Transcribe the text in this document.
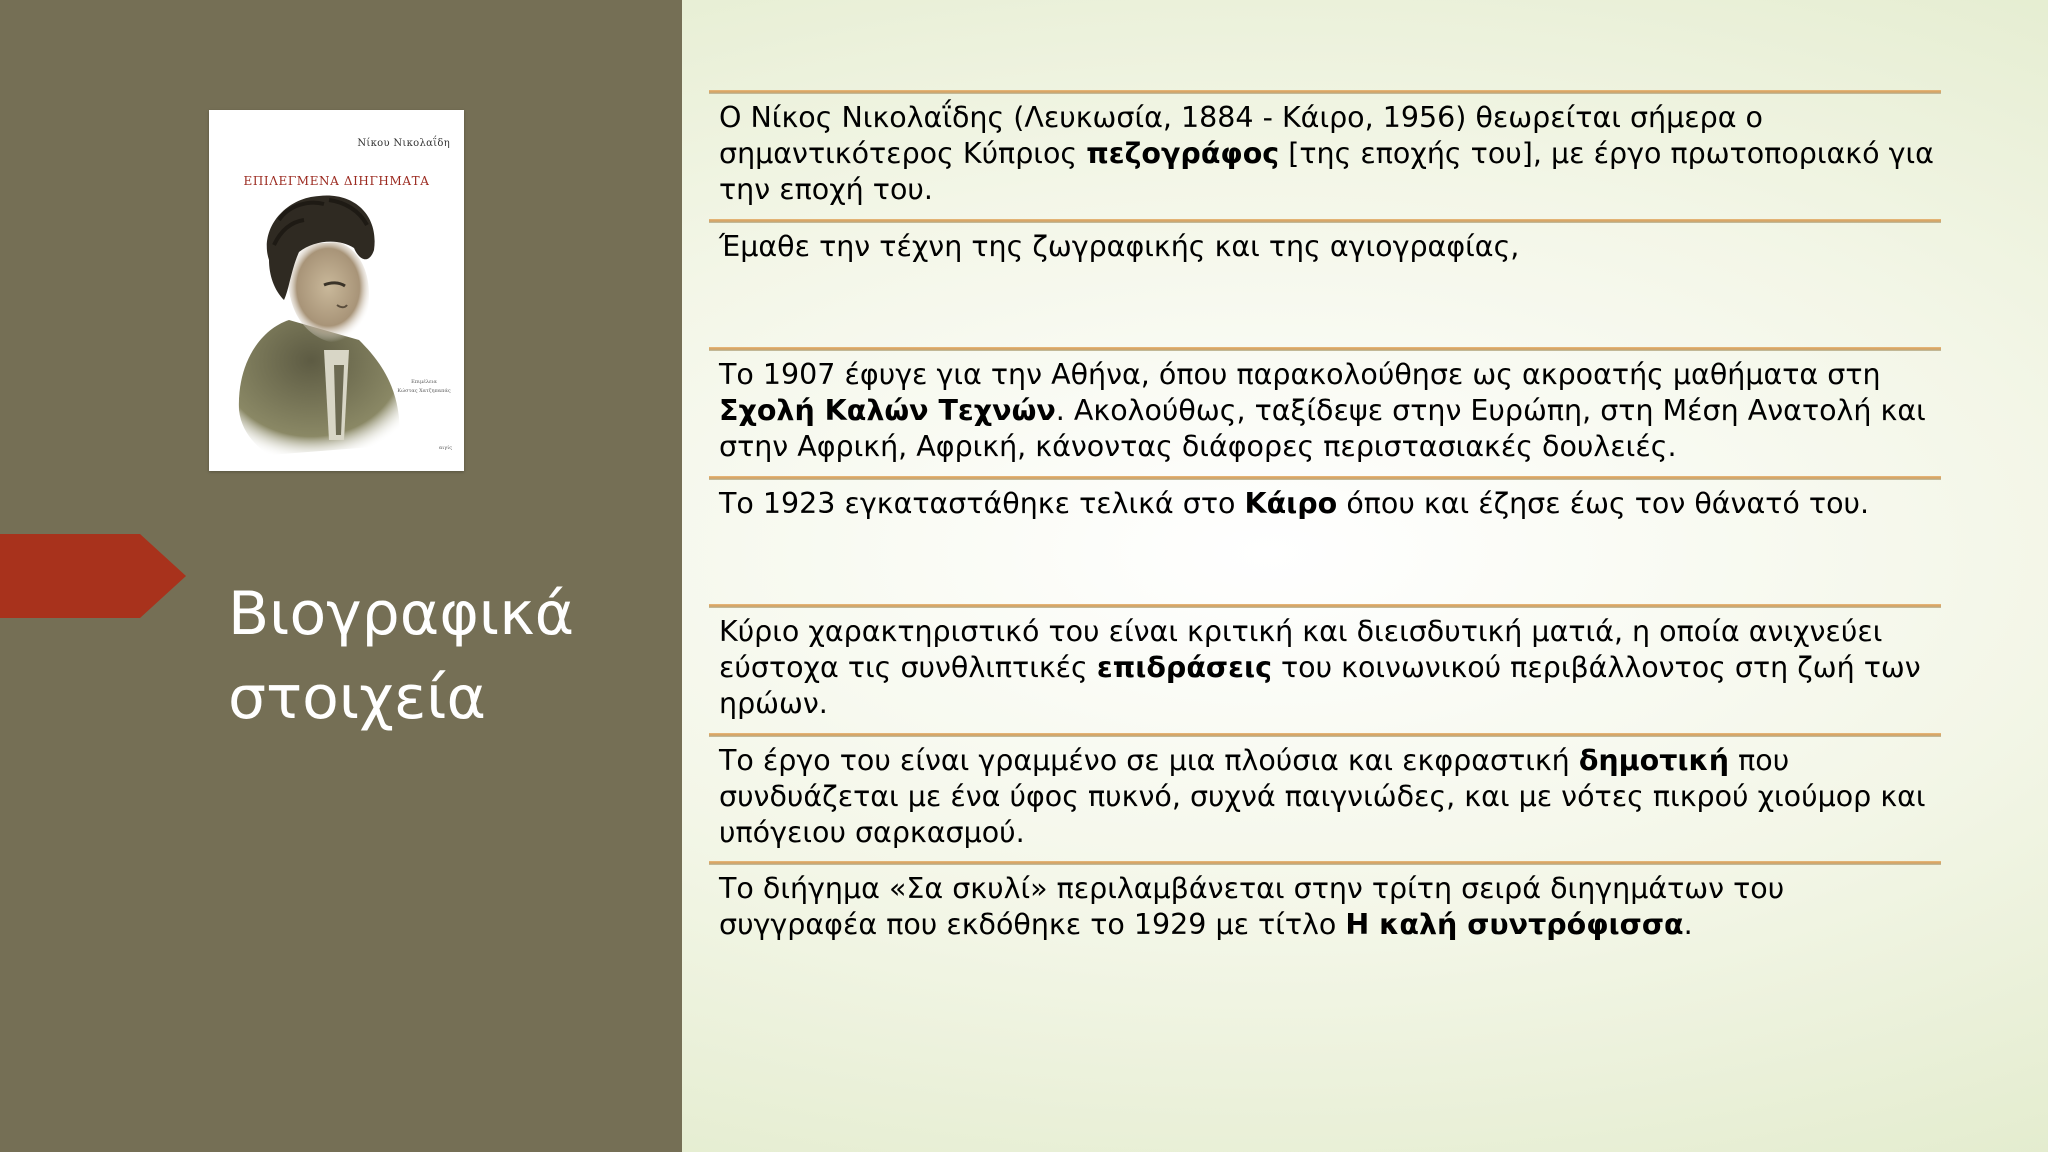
Νίκου Νικολαΐδη
ΕΠΙΛΕΓΜΕΝΑ ΔΙΗΓΗΜΑΤΑ
Επιμέλεια
Κώστας Χατζηπαπάς
αιγίς
Βιογραφικά
στοιχεία
Ο Νίκος Νικολαΐδης (Λευκωσία, 1884 - Κάιρο, 1956) θεωρείται σήμερα ο σημαντικότερος Κύπριος πεζογράφος [της εποχής του], με έργο πρωτοποριακό για την εποχή του.
Έμαθε την τέχνη της ζωγραφικής και της αγιογραφίας,
Το 1907 έφυγε για την Αθήνα, όπου παρακολούθησε ως ακροατής μαθήματα στη Σχολή Καλών Τεχνών. Ακολούθως, ταξίδεψε στην Ευρώπη, στη Μέση Ανατολή και στην Αφρική, Αφρική, κάνοντας διάφορες περιστασιακές δουλειές.
Το 1923 εγκαταστάθηκε τελικά στο Κάιρο όπου και έζησε έως τον θάνατό του.
Κύριο χαρακτηριστικό του είναι κριτική και διεισδυτική ματιά, η οποία ανιχνεύει εύστοχα τις συνθλιπτικές επιδράσεις του κοινωνικού περιβάλλοντος στη ζωή των ηρώων.
Το έργο του είναι γραμμένο σε μια πλούσια και εκφραστική δημοτική που συνδυάζεται με ένα ύφος πυκνό, συχνά παιγνιώδες, και με νότες πικρού χιούμορ και υπόγειου σαρκασμού.
Το διήγημα «Σα σκυλί» περιλαμβάνεται στην τρίτη σειρά διηγημάτων του συγγραφέα που εκδόθηκε το 1929 με τίτλο Η καλή συντρόφισσα.
